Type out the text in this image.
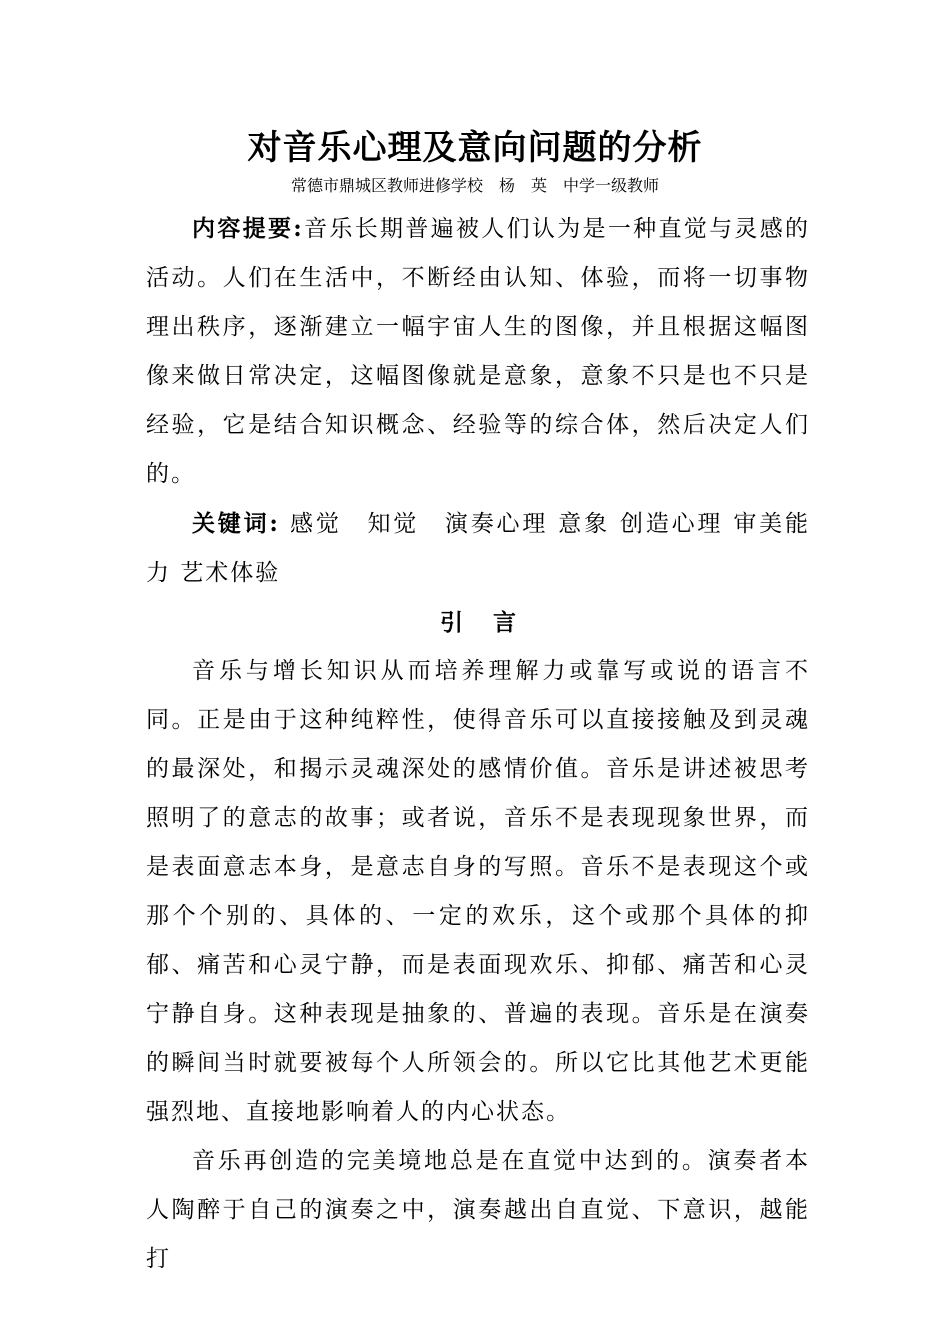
对音乐心理及意向问题的分析
常德市鼎城区教师进修学校　杨　英　中学一级教师

内容提要:音乐长期普遍被人们认为是一种直觉与灵感的活动。人们在生活中，不断经由认知、体验，而将一切事物理出秩序，逐渐建立一幅宇宙人生的图像，并且根据这幅图像来做日常决定，这幅图像就是意象，意象不只是也不只是经验，它是结合知识概念、经验等的综合体，然后决定人们的。

关键词: 感觉　知觉　演奏心理 意象 创造心理 审美能力 艺术体验

引言

音乐与增长知识从而培养理解力或靠写或说的语言不同。正是由于这种纯粹性，使得音乐可以直接接触及到灵魂的最深处，和揭示灵魂深处的感情价值。音乐是讲述被思考照明了的意志的故事；或者说，音乐不是表现现象世界，而是表面意志本身，是意志自身的写照。音乐不是表现这个或那个个别的、具体的、一定的欢乐，这个或那个具体的抑郁、痛苦和心灵宁静，而是表面现欢乐、抑郁、痛苦和心灵宁静自身。这种表现是抽象的、普遍的表现。音乐是在演奏的瞬间当时就要被每个人所领会的。所以它比其他艺术更能强烈地、直接地影响着人的内心状态。

音乐再创造的完美境地总是在直觉中达到的。演奏者本人陶醉于自己的演奏之中，演奏越出自直觉、下意识，越能打
